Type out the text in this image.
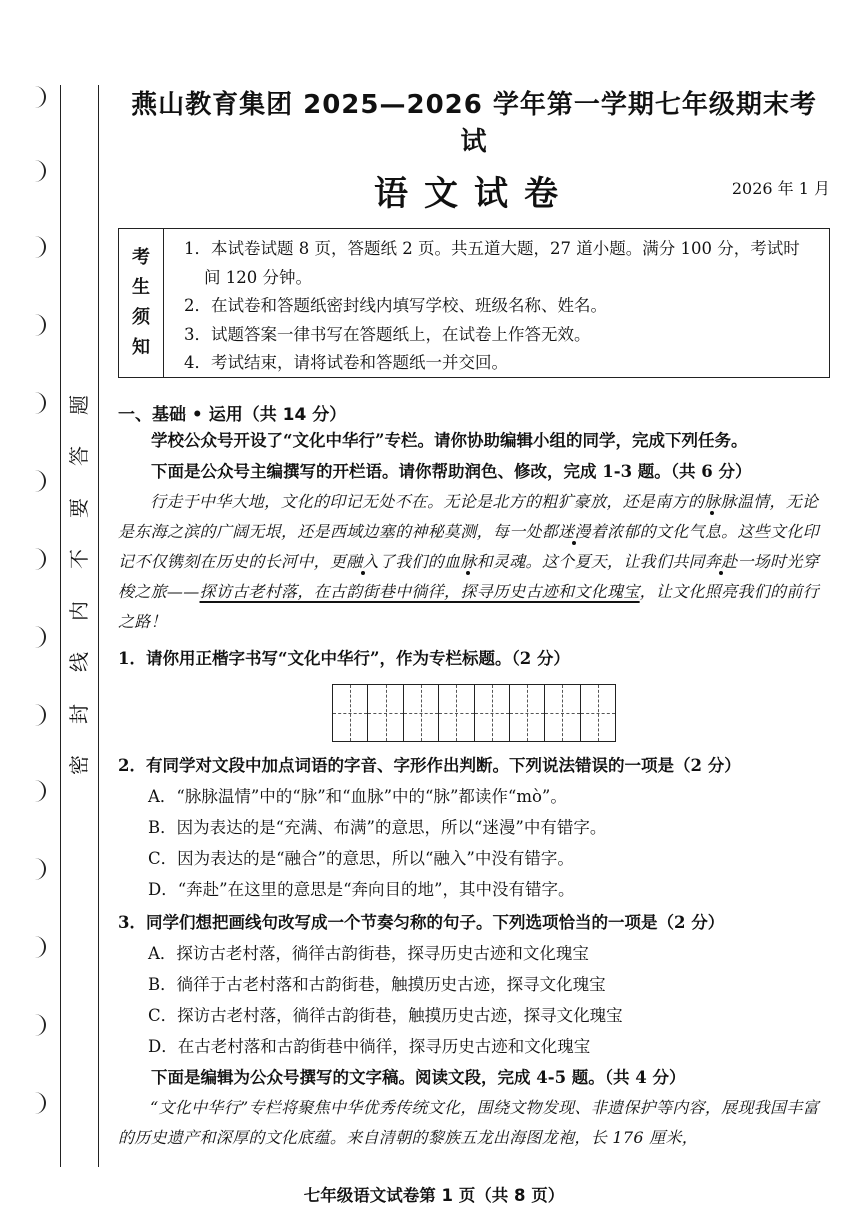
题
答
要
不
内
线
封
密
燕山教育集团 2025—2026 学年第一学期七年级期末考试
语文试卷	2026 年 1 月
考
生
须
知
1．本试卷试题 8 页，答题纸 2 页。共五道大题，27 道小题。满分 100 分，考试时
间 120 分钟。
2．在试卷和答题纸密封线内填写学校、班级名称、姓名。
3．试题答案一律书写在答题纸上，在试卷上作答无效。
4．考试结束，请将试卷和答题纸一并交回。
一、基础 • 运用（共 14 分）
学校公众号开设了“文化中华行”专栏。请你协助编辑小组的同学，完成下列任务。
下面是公众号主编撰写的开栏语。请你帮助润色、修改，完成 1-3 题。（共 6 分）
行走于中华大地，文化的印记无处不在。无论是北方的粗犷豪放，还是南方的脉脉温情，无论是东海之滨的广阔无垠，还是西域边塞的神秘莫测，每一处都迷漫着浓郁的文化气息。这些文化印记不仅镌刻在历史的长河中，更融入了我们的血脉和灵魂。这个夏天，让我们共同奔赴一场时光穿梭之旅——探访古老村落，在古韵街巷中徜徉，探寻历史古迹和文化瑰宝，让文化照亮我们的前行之路！
1．请你用正楷字书写“文化中华行”，作为专栏标题。（2 分）
2．有同学对文段中加点词语的字音、字形作出判断。下列说法错误的一项是（2 分）
A．“脉脉温情”中的“脉”和“血脉”中的“脉”都读作“mò”。
B．因为表达的是“充满、布满”的意思，所以“迷漫”中有错字。
C．因为表达的是“融合”的意思，所以“融入”中没有错字。
D．“奔赴”在这里的意思是“奔向目的地”，其中没有错字。
3．同学们想把画线句改写成一个节奏匀称的句子。下列选项恰当的一项是（2 分）
A．探访古老村落，徜徉古韵街巷，探寻历史古迹和文化瑰宝
B．徜徉于古老村落和古韵街巷，触摸历史古迹，探寻文化瑰宝
C．探访古老村落，徜徉古韵街巷，触摸历史古迹，探寻文化瑰宝
D．在古老村落和古韵街巷中徜徉，探寻历史古迹和文化瑰宝
下面是编辑为公众号撰写的文字稿。阅读文段，完成 4-5 题。（共 4 分）
“文化中华行”专栏将聚焦中华优秀传统文化，围绕文物发现、非遗保护等内容，展现我国丰富的历史遗产和深厚的文化底蕴。来自清朝的黎族五龙出海图龙袍，长 176 厘米，
七年级语文试卷第 1 页（共 8 页）
